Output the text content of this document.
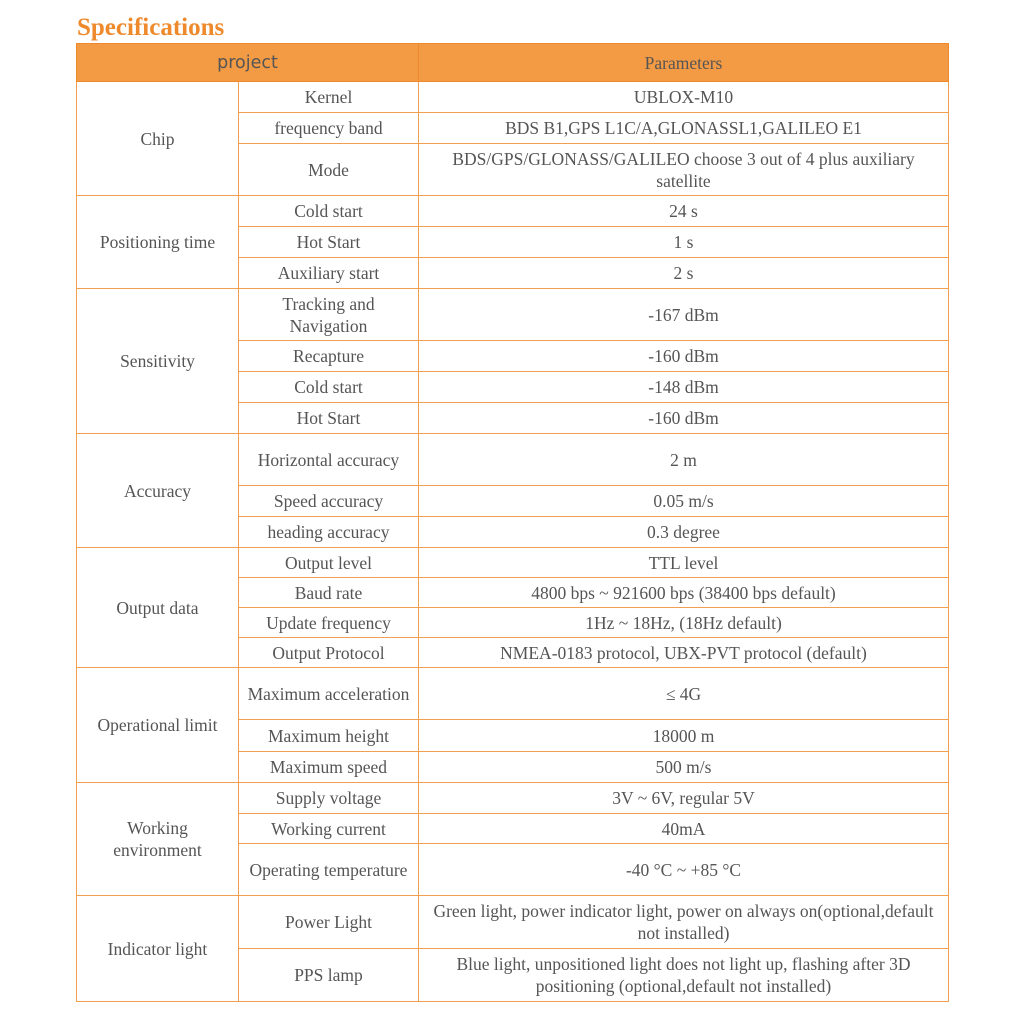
Specifications
project		Parameters
Chip	Kernel	UBLOX-M10
	frequency band	BDS B1,GPS L1C/A,GLONASSL1,GALILEO E1
	Mode	BDS/GPS/GLONASS/GALILEO choose 3 out of 4 plus auxiliary satellite
Positioning time	Cold start	24 s
	Hot Start	1 s
	Auxiliary start	2 s
Sensitivity	Tracking and Navigation	-167 dBm
	Recapture	-160 dBm
	Cold start	-148 dBm
	Hot Start	-160 dBm
Accuracy	Horizontal accuracy	2 m
	Speed accuracy	0.05 m/s
	heading accuracy	0.3 degree
Output data	Output level	TTL level
	Baud rate	4800 bps ~ 921600 bps (38400 bps default)
	Update frequency	1Hz ~ 18Hz, (18Hz default)
	Output Protocol	NMEA-0183 protocol, UBX-PVT protocol (default)
Operational limit	Maximum acceleration	≤ 4G
	Maximum height	18000 m
	Maximum speed	500 m/s
Working environment	Supply voltage	3V ~ 6V, regular 5V
	Working current	40mA
	Operating temperature	-40 °C ~ +85 °C
Indicator light	Power Light	Green light, power indicator light, power on always on(optional,default not installed)
	PPS lamp	Blue light, unpositioned light does not light up, flashing after 3D positioning (optional,default not installed)
